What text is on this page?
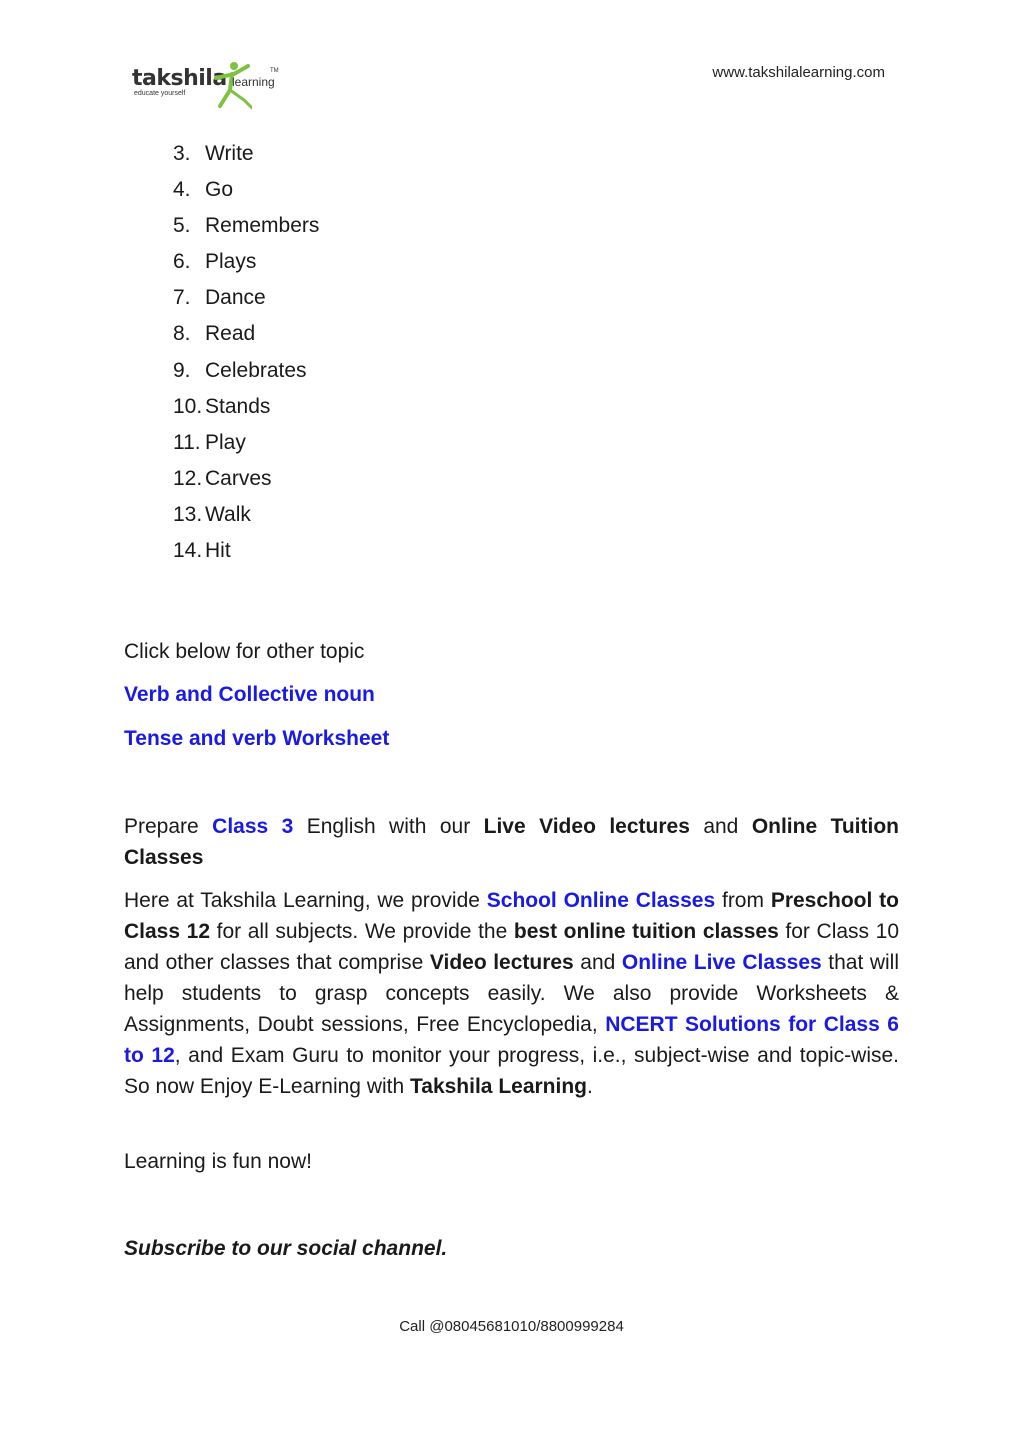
takshila learning
TM
educate yourself
www.takshilalearning.com
3. Write
4. Go
5. Remembers
6. Plays
7. Dance
8. Read
9. Celebrates
10. Stands
11. Play
12. Carves
13. Walk
14. Hit

Click below for other topic

Verb and Collective noun
Tense and verb Worksheet

Prepare Class 3 English with our Live Video lectures and Online Tuition Classes

Here at Takshila Learning, we provide School Online Classes from Preschool to Class 12 for all subjects. We provide the best online tuition classes for Class 10 and other classes that comprise Video lectures and Online Live Classes that will help students to grasp concepts easily. We also provide Worksheets & Assignments, Doubt sessions, Free Encyclopedia, NCERT Solutions for Class 6 to 12, and Exam Guru to monitor your progress, i.e., subject-wise and topic-wise. So now Enjoy E-Learning with Takshila Learning.

Learning is fun now!

Subscribe to our social channel.

Call @08045681010/8800999284
